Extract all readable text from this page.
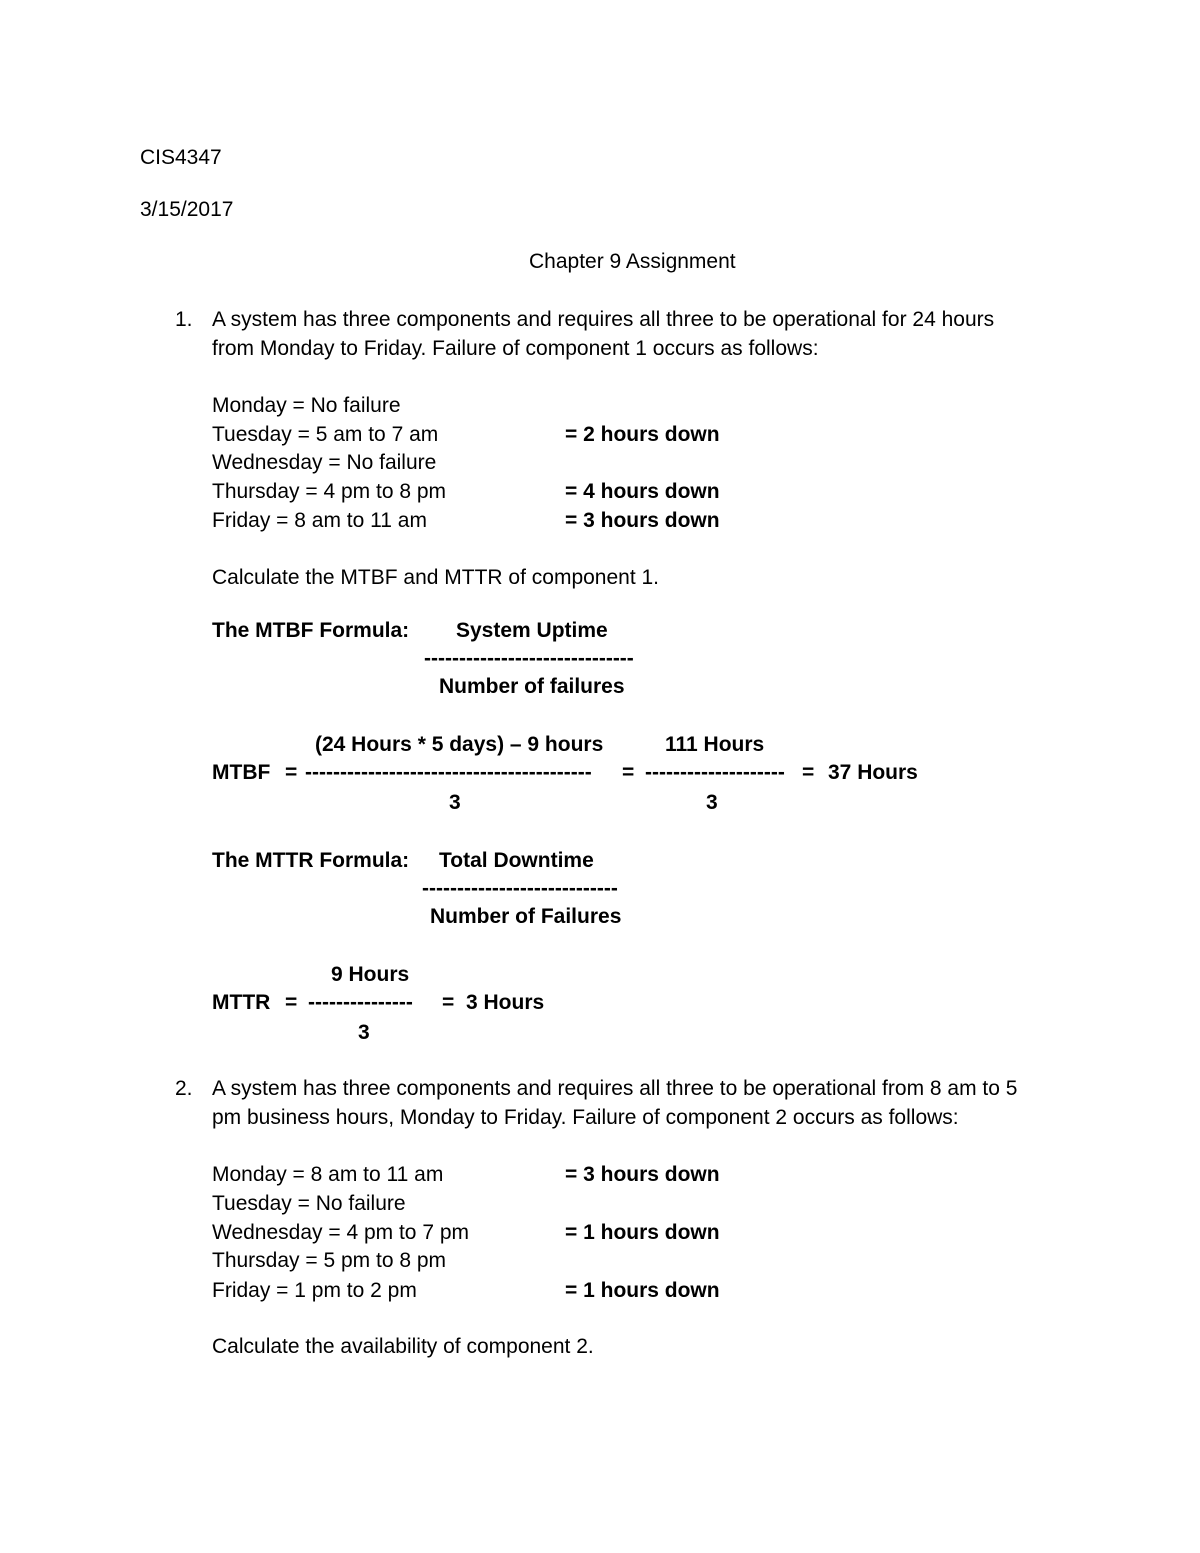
CIS4347
3/15/2017
Chapter 9 Assignment
1. A system has three components and requires all three to be operational for 24 hours
from Monday to Friday. Failure of component 1 occurs as follows:
Monday = No failure
Tuesday = 5 am to 7 am	= 2 hours down
Wednesday = No failure
Thursday = 4 pm to 8 pm	= 4 hours down
Friday = 8 am to 11 am	= 3 hours down
Calculate the MTBF and MTTR of component 1.
The MTBF Formula: System Uptime
------------------------------
Number of failures
(24 Hours * 5 days) – 9 hours	111 Hours
MTBF = ----------------------------------------- = -------------------- = 37 Hours
3	3
The MTTR Formula: Total Downtime
----------------------------
Number of Failures
9 Hours
MTTR = --------------- = 3 Hours
3
2. A system has three components and requires all three to be operational from 8 am to 5
pm business hours, Monday to Friday. Failure of component 2 occurs as follows:
Monday = 8 am to 11 am	= 3 hours down
Tuesday = No failure
Wednesday = 4 pm to 7 pm	= 1 hours down
Thursday = 5 pm to 8 pm
Friday = 1 pm to 2 pm	= 1 hours down
Calculate the availability of component 2.
